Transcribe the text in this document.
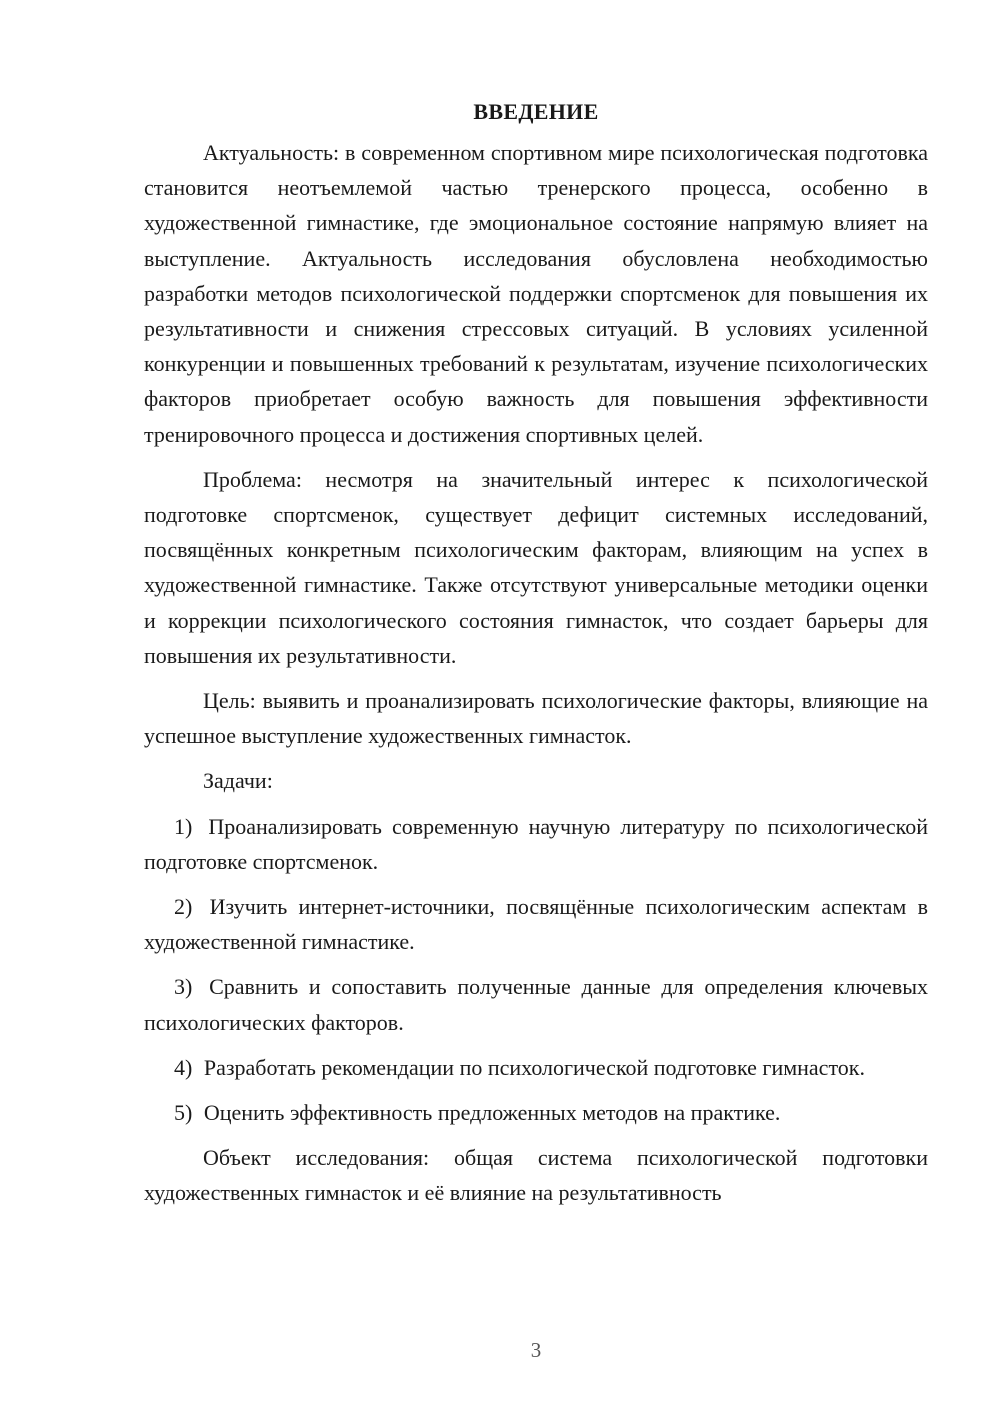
ВВЕДЕНИЕ

Актуальность: в современном спортивном мире психологическая подготовка становится неотъемлемой частью тренерского процесса, особенно в художественной гимнастике, где эмоциональное состояние напрямую влияет на выступление. Актуальность исследования обусловлена необходимостью разработки методов психологической поддержки спортсменок для повышения их результативности и снижения стрессовых ситуаций. В условиях усиленной конкуренции и повышенных требований к результатам, изучение психологических факторов приобретает особую важность для повышения эффективности тренировочного процесса и достижения спортивных целей.

Проблема: несмотря на значительный интерес к психологической подготовке спортсменок, существует дефицит системных исследований, посвящённых конкретным психологическим факторам, влияющим на успех в художественной гимнастике. Также отсутствуют универсальные методики оценки и коррекции психологического состояния гимнасток, что создает барьеры для повышения их результативности.

Цель: выявить и проанализировать психологические факторы, влияющие на успешное выступление художественных гимнасток.

Задачи:

1) Проанализировать современную научную литературу по психологической подготовке спортсменок.

2) Изучить интернет-источники, посвящённые психологическим аспектам в художественной гимнастике.

3) Сравнить и сопоставить полученные данные для определения ключевых психологических факторов.

4) Разработать рекомендации по психологической подготовке гимнасток.

5) Оценить эффективность предложенных методов на практике.

Объект исследования: общая система психологической подготовки художественных гимнасток и её влияние на результативность

3
